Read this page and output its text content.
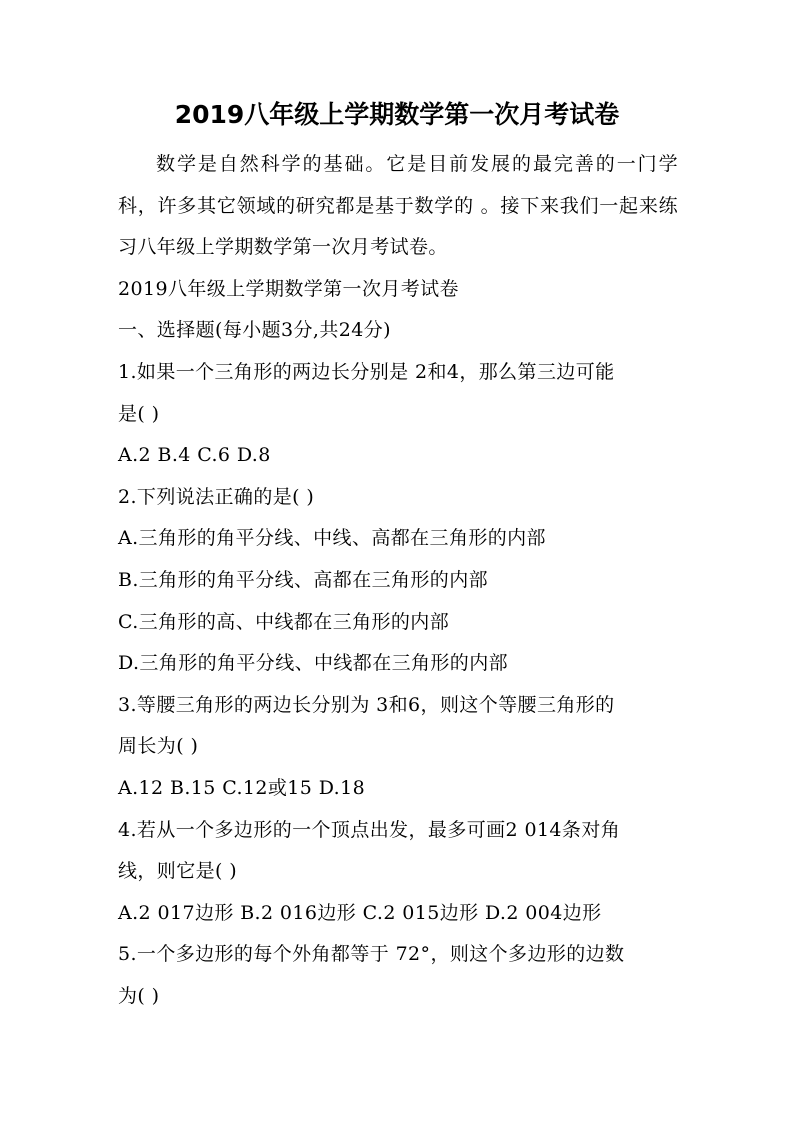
2019八年级上学期数学第一次月考试卷

数学是自然科学的基础。它是目前发展的最完善的一门学科，许多其它领域的研究都是基于数学的 。接下来我们一起来练习八年级上学期数学第一次月考试卷。

2019八年级上学期数学第一次月考试卷

一、选择题(每小题3分,共24分)

1.如果一个三角形的两边长分别是 2和4，那么第三边可能

是( )

A.2 B.4 C.6 D.8

2.下列说法正确的是( )

A.三角形的角平分线、中线、高都在三角形的内部

B.三角形的角平分线、高都在三角形的内部

C.三角形的高、中线都在三角形的内部

D.三角形的角平分线、中线都在三角形的内部

3.等腰三角形的两边长分别为 3和6，则这个等腰三角形的

周长为( )

A.12 B.15 C.12或15 D.18

4.若从一个多边形的一个顶点出发，最多可画2 014条对角

线，则它是( )

A.2 017边形 B.2 016边形 C.2 015边形 D.2 004边形

5.一个多边形的每个外角都等于 72°，则这个多边形的边数

为( )
